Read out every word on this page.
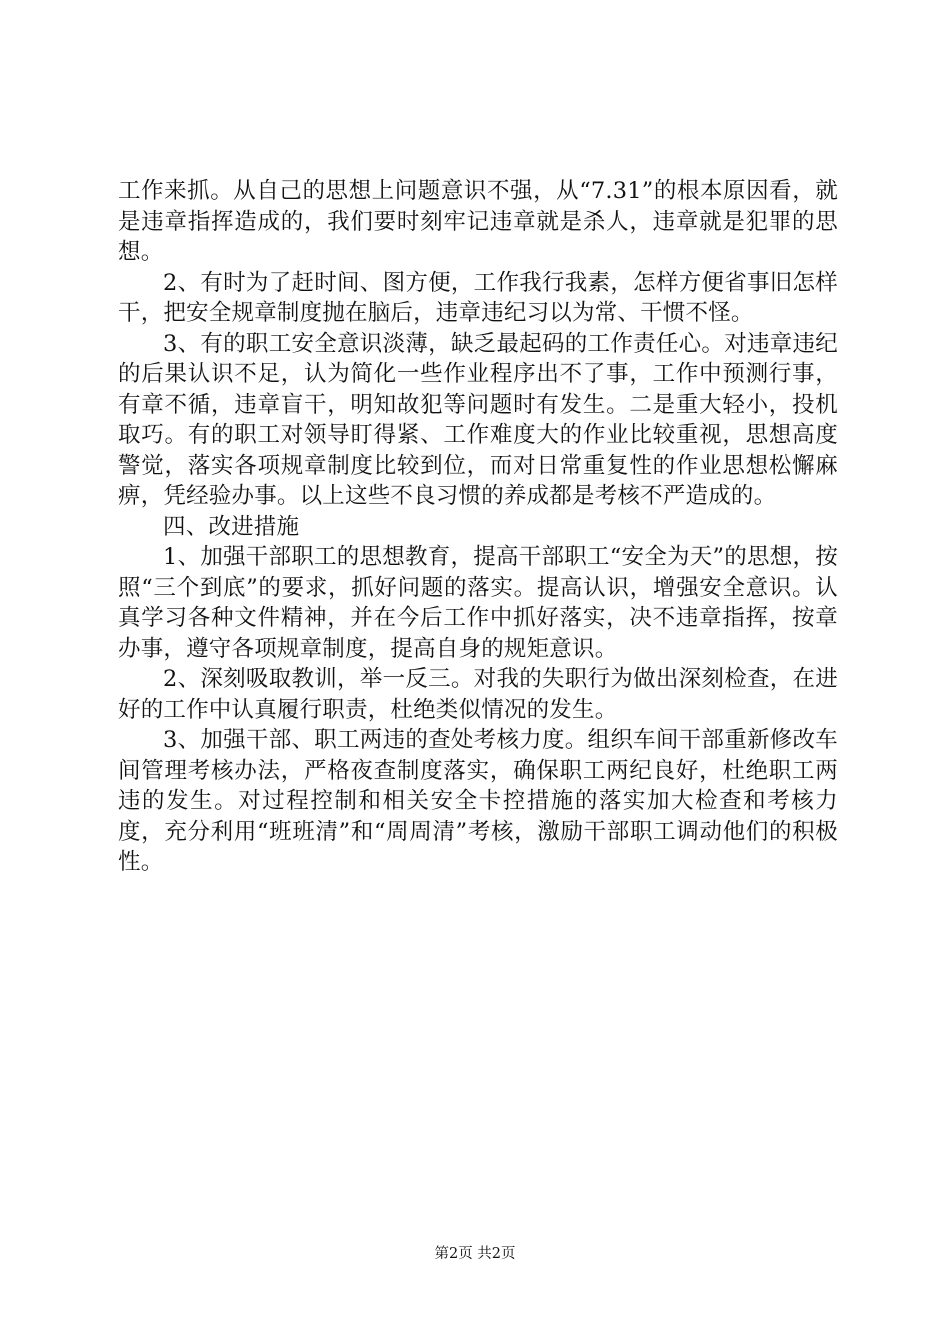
工作来抓。从自己的思想上问题意识不强，从“7.31”的根本原因看，就是违章指挥造成的，我们要时刻牢记违章就是杀人，违章就是犯罪的思想。

2、有时为了赶时间、图方便，工作我行我素，怎样方便省事旧怎样干，把安全规章制度抛在脑后，违章违纪习以为常、干惯不怪。

3、有的职工安全意识淡薄，缺乏最起码的工作责任心。对违章违纪的后果认识不足，认为简化一些作业程序出不了事，工作中预测行事，有章不循，违章盲干，明知故犯等问题时有发生。二是重大轻小，投机取巧。有的职工对领导盯得紧、工作难度大的作业比较重视，思想高度警觉，落实各项规章制度比较到位，而对日常重复性的作业思想松懈麻痹，凭经验办事。以上这些不良习惯的养成都是考核不严造成的。

四、改进措施

1、加强干部职工的思想教育，提高干部职工“安全为天”的思想，按照“三个到底”的要求，抓好问题的落实。提高认识，增强安全意识。认真学习各种文件精神，并在今后工作中抓好落实，决不违章指挥，按章办事，遵守各项规章制度，提高自身的规矩意识。

2、深刻吸取教训，举一反三。对我的失职行为做出深刻检查，在进好的工作中认真履行职责，杜绝类似情况的发生。

3、加强干部、职工两违的查处考核力度。组织车间干部重新修改车间管理考核办法，严格夜查制度落实，确保职工两纪良好，杜绝职工两违的发生。对过程控制和相关安全卡控措施的落实加大检查和考核力度，充分利用“班班清”和“周周清”考核，激励干部职工调动他们的积极性。

第2页 共2页
